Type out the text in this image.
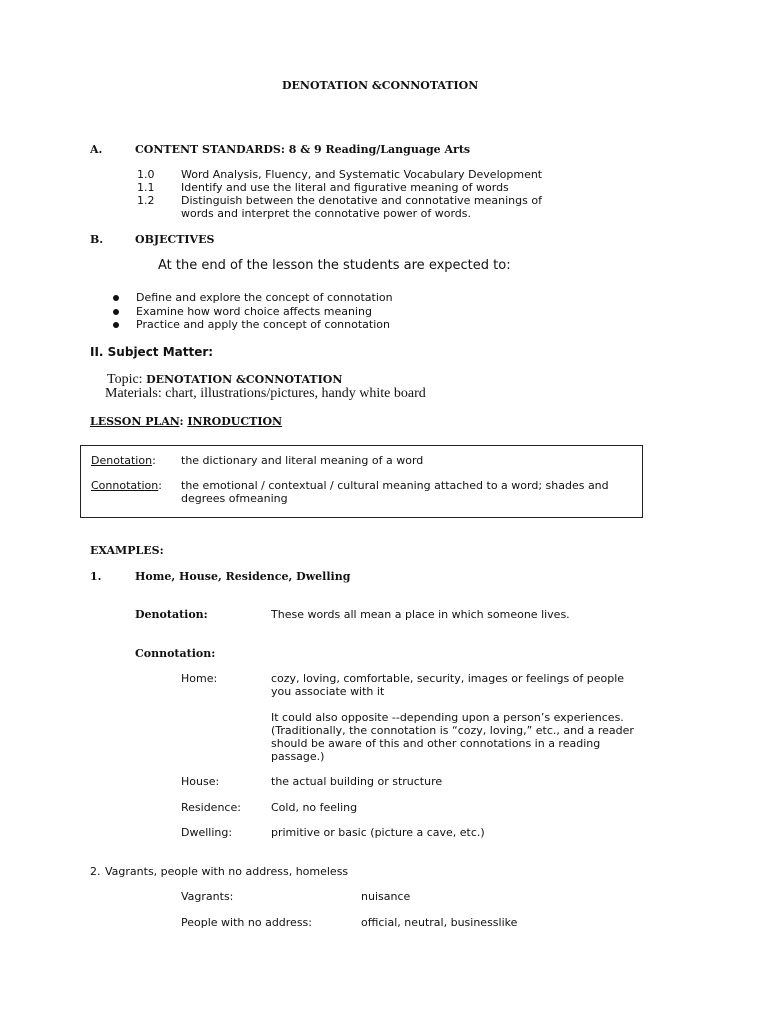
DENOTATION &CONNOTATION
A.	CONTENT STANDARDS: 8 & 9 Reading/Language Arts
1.0 Word Analysis, Fluency, and Systematic Vocabulary Development
1.1 Identify and use the literal and figurative meaning of words
1.2 Distinguish between the denotative and connotative meanings of
words and interpret the connotative power of words.
B.	OBJECTIVES
At the end of the lesson the students are expected to:
Define and explore the concept of connotation
Examine how word choice affects meaning
Practice and apply the concept of connotation
II. Subject Matter:
Topic: DENOTATION &CONNOTATION
Materials: chart, illustrations/pictures, handy white board
LESSON PLAN: INRODUCTION
Denotation: the dictionary and literal meaning of a word
Connotation: the emotional / contextual / cultural meaning attached to a word; shades and
degrees ofmeaning
EXAMPLES:
1.	Home, House, Residence, Dwelling
Denotation:	These words all mean a place in which someone lives.
Connotation:
Home:	cozy, loving, comfortable, security, images or feelings of people
you associate with it
It could also opposite --depending upon a person’s experiences.
(Traditionally, the connotation is “cozy, loving,” etc., and a reader
should be aware of this and other connotations in a reading
passage.)
House:	the actual building or structure
Residence:	Cold, no feeling
Dwelling:	primitive or basic (picture a cave, etc.)
2. Vagrants, people with no address, homeless
Vagrants:	nuisance
People with no address:	official, neutral, businesslike
